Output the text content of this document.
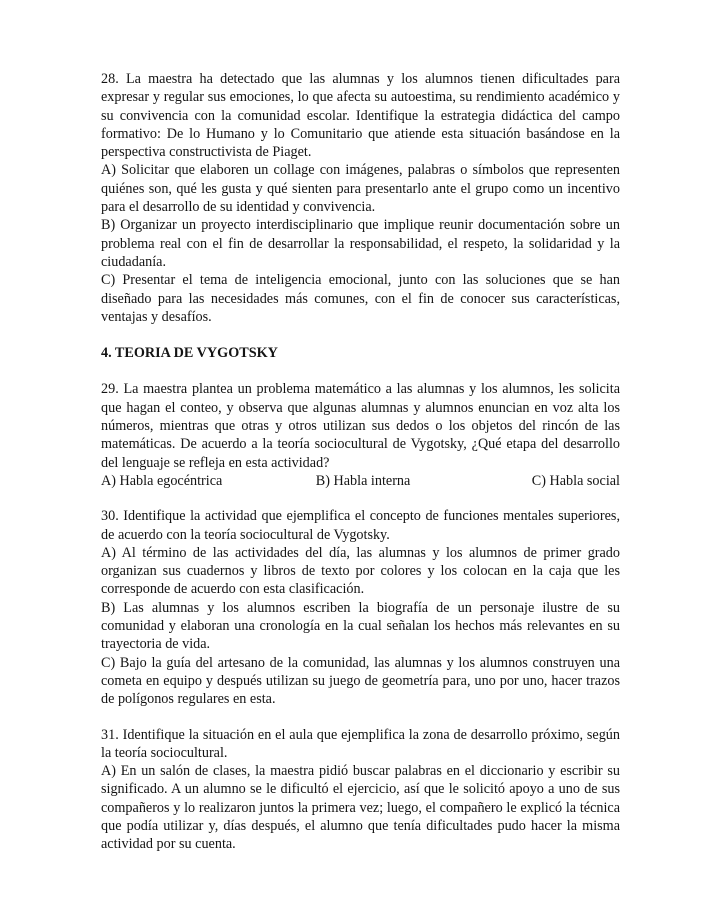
28. La maestra ha detectado que las alumnas y los alumnos tienen dificultades para expresar y regular sus emociones, lo que afecta su autoestima, su rendimiento académico y su convivencia con la comunidad escolar. Identifique la estrategia didáctica del campo formativo: De lo Humano y lo Comunitario que atiende esta situación basándose en la perspectiva constructivista de Piaget.

A) Solicitar que elaboren un collage con imágenes, palabras o símbolos que representen quiénes son, qué les gusta y qué sienten para presentarlo ante el grupo como un incentivo para el desarrollo de su identidad y convivencia.

B) Organizar un proyecto interdisciplinario que implique reunir documentación sobre un problema real con el fin de desarrollar la responsabilidad, el respeto, la solidaridad y la ciudadanía.

C) Presentar el tema de inteligencia emocional, junto con las soluciones que se han diseñado para las necesidades más comunes, con el fin de conocer sus características, ventajas y desafíos.

4. TEORIA DE VYGOTSKY

29. La maestra plantea un problema matemático a las alumnas y los alumnos, les solicita que hagan el conteo, y observa que algunas alumnas y alumnos enuncian en voz alta los números, mientras que otras y otros utilizan sus dedos o los objetos del rincón de las matemáticas. De acuerdo a la teoría sociocultural de Vygotsky, ¿Qué etapa del desarrollo del lenguaje se refleja en esta actividad?

A) Habla egocéntrica	B) Habla interna	C) Habla social

30. Identifique la actividad que ejemplifica el concepto de funciones mentales superiores, de acuerdo con la teoría sociocultural de Vygotsky.

A) Al término de las actividades del día, las alumnas y los alumnos de primer grado organizan sus cuadernos y libros de texto por colores y los colocan en la caja que les corresponde de acuerdo con esta clasificación.

B) Las alumnas y los alumnos escriben la biografía de un personaje ilustre de su comunidad y elaboran una cronología en la cual señalan los hechos más relevantes en su trayectoria de vida.

C) Bajo la guía del artesano de la comunidad, las alumnas y los alumnos construyen una cometa en equipo y después utilizan su juego de geometría para, uno por uno, hacer trazos de polígonos regulares en esta.

31. Identifique la situación en el aula que ejemplifica la zona de desarrollo próximo, según la teoría sociocultural.

A) En un salón de clases, la maestra pidió buscar palabras en el diccionario y escribir su significado. A un alumno se le dificultó el ejercicio, así que le solicitó apoyo a uno de sus compañeros y lo realizaron juntos la primera vez; luego, el compañero le explicó la técnica que podía utilizar y, días después, el alumno que tenía dificultades pudo hacer la misma actividad por su cuenta.
